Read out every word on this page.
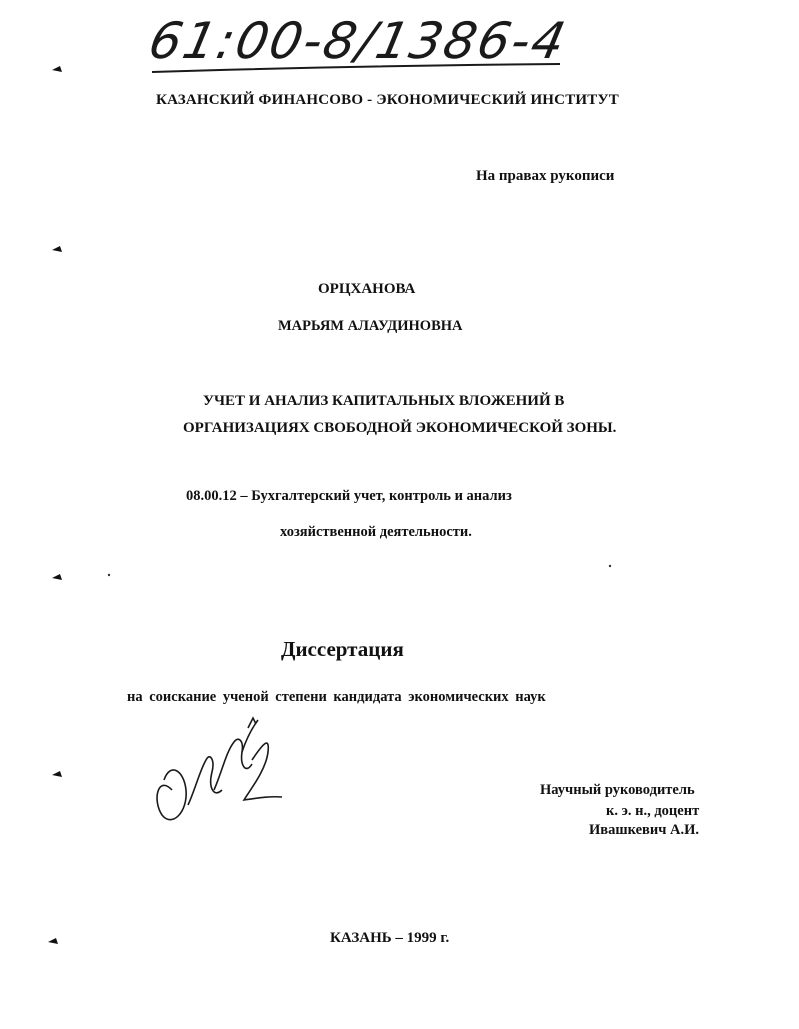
61:00-8/1386-4
КАЗАНСКИЙ ФИНАНСОВО - ЭКОНОМИЧЕСКИЙ ИНСТИТУТ
На правах рукописи
ОРЦХАНОВА
МАРЬЯМ АЛАУДИНОВНА
УЧЕТ И АНАЛИЗ КАПИТАЛЬНЫХ ВЛОЖЕНИЙ В
ОРГАНИЗАЦИЯХ СВОБОДНОЙ ЭКОНОМИЧЕСКОЙ ЗОНЫ.
08.00.12 – Бухгалтерский учет, контроль и анализ
хозяйственной деятельности.
Диссертация
на соискание ученой степени кандидата экономических наук
Научный руководитель
к. э. н., доцент
Ивашкевич А.И.
КАЗАНЬ – 1999 г.
